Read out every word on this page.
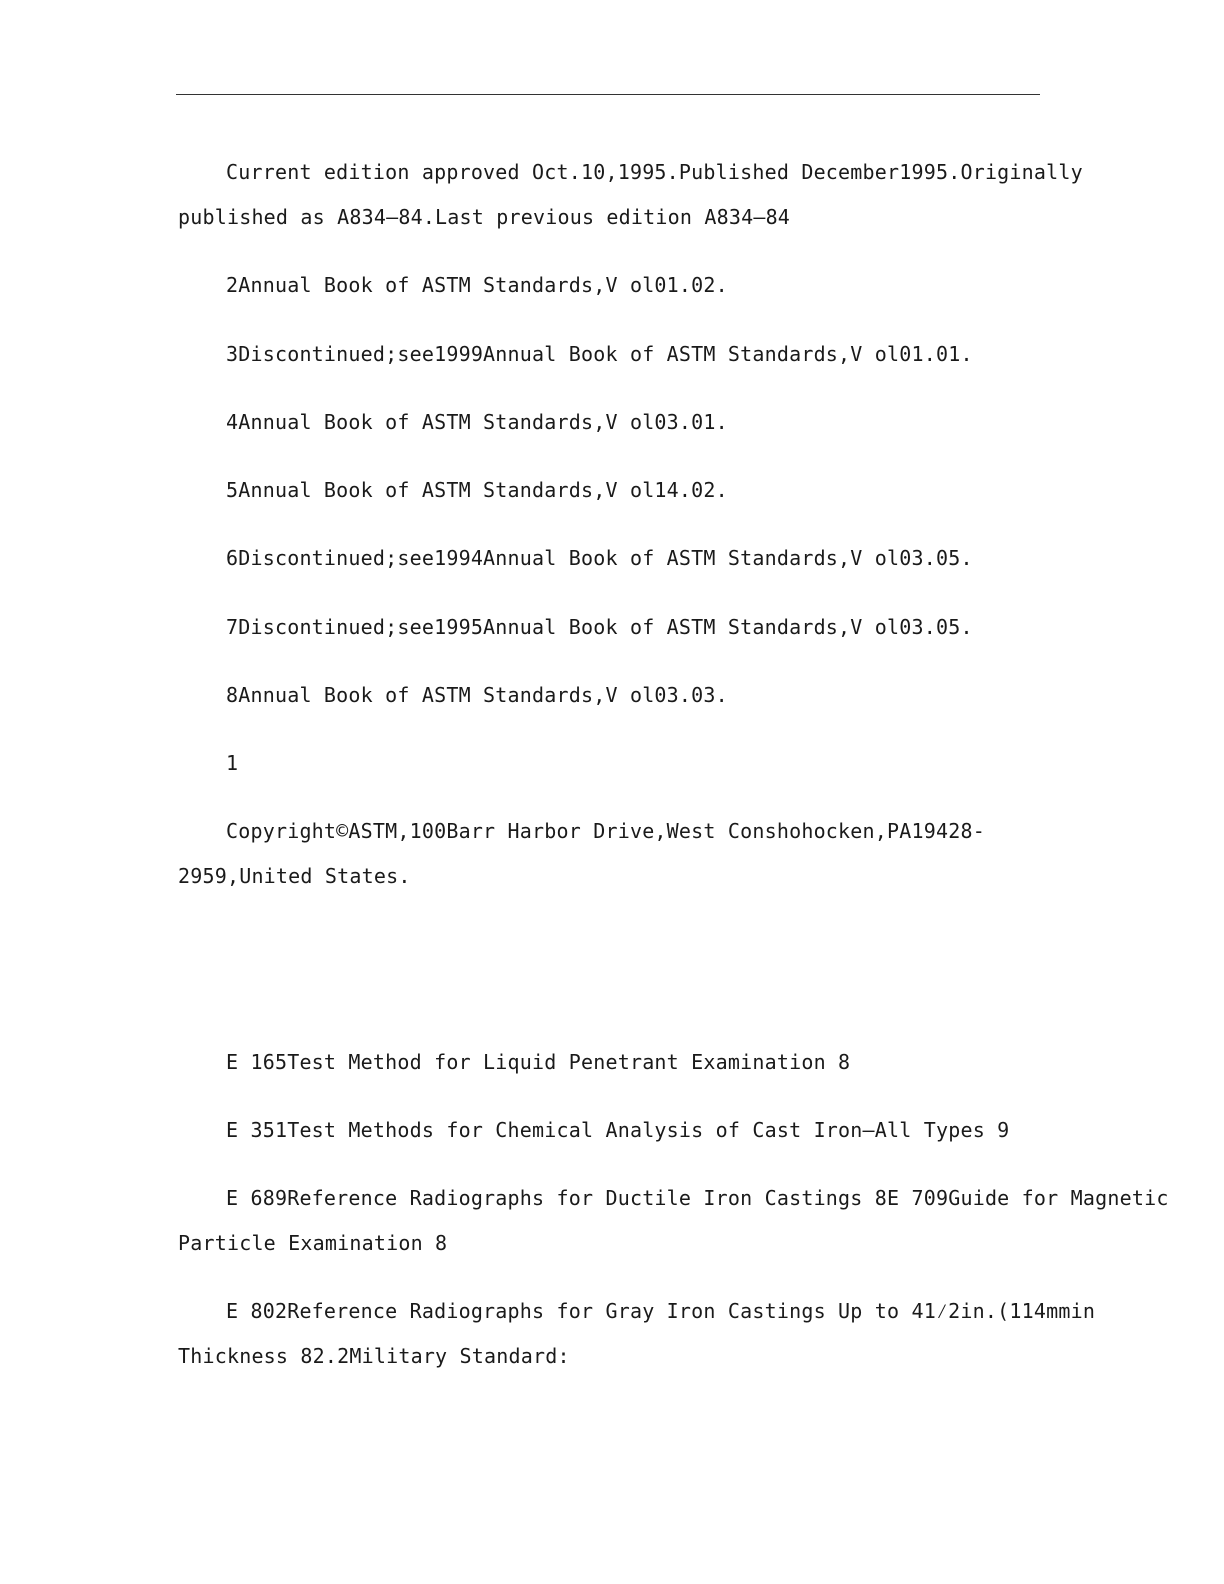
Current edition approved Oct.10,1995.Published December1995.Originally

published as A834–84.Last previous edition A834–84

2Annual Book of ASTM Standards,V ol01.02.

3Discontinued;see1999Annual Book of ASTM Standards,V ol01.01.

4Annual Book of ASTM Standards,V ol03.01.

5Annual Book of ASTM Standards,V ol14.02.

6Discontinued;see1994Annual Book of ASTM Standards,V ol03.05.

7Discontinued;see1995Annual Book of ASTM Standards,V ol03.05.

8Annual Book of ASTM Standards,V ol03.03.

1

Copyright©ASTM,100Barr Harbor Drive,West Conshohocken,PA19428-

2959,United States.

E 165Test Method for Liquid Penetrant Examination 8

E 351Test Methods for Chemical Analysis of Cast Iron—All Types 9

E 689Reference Radiographs for Ductile Iron Castings 8E 709Guide for Magnetic

Particle Examination 8

E 802Reference Radiographs for Gray Iron Castings Up to 41⁄2in.(114mmin

Thickness 82.2Military Standard:
